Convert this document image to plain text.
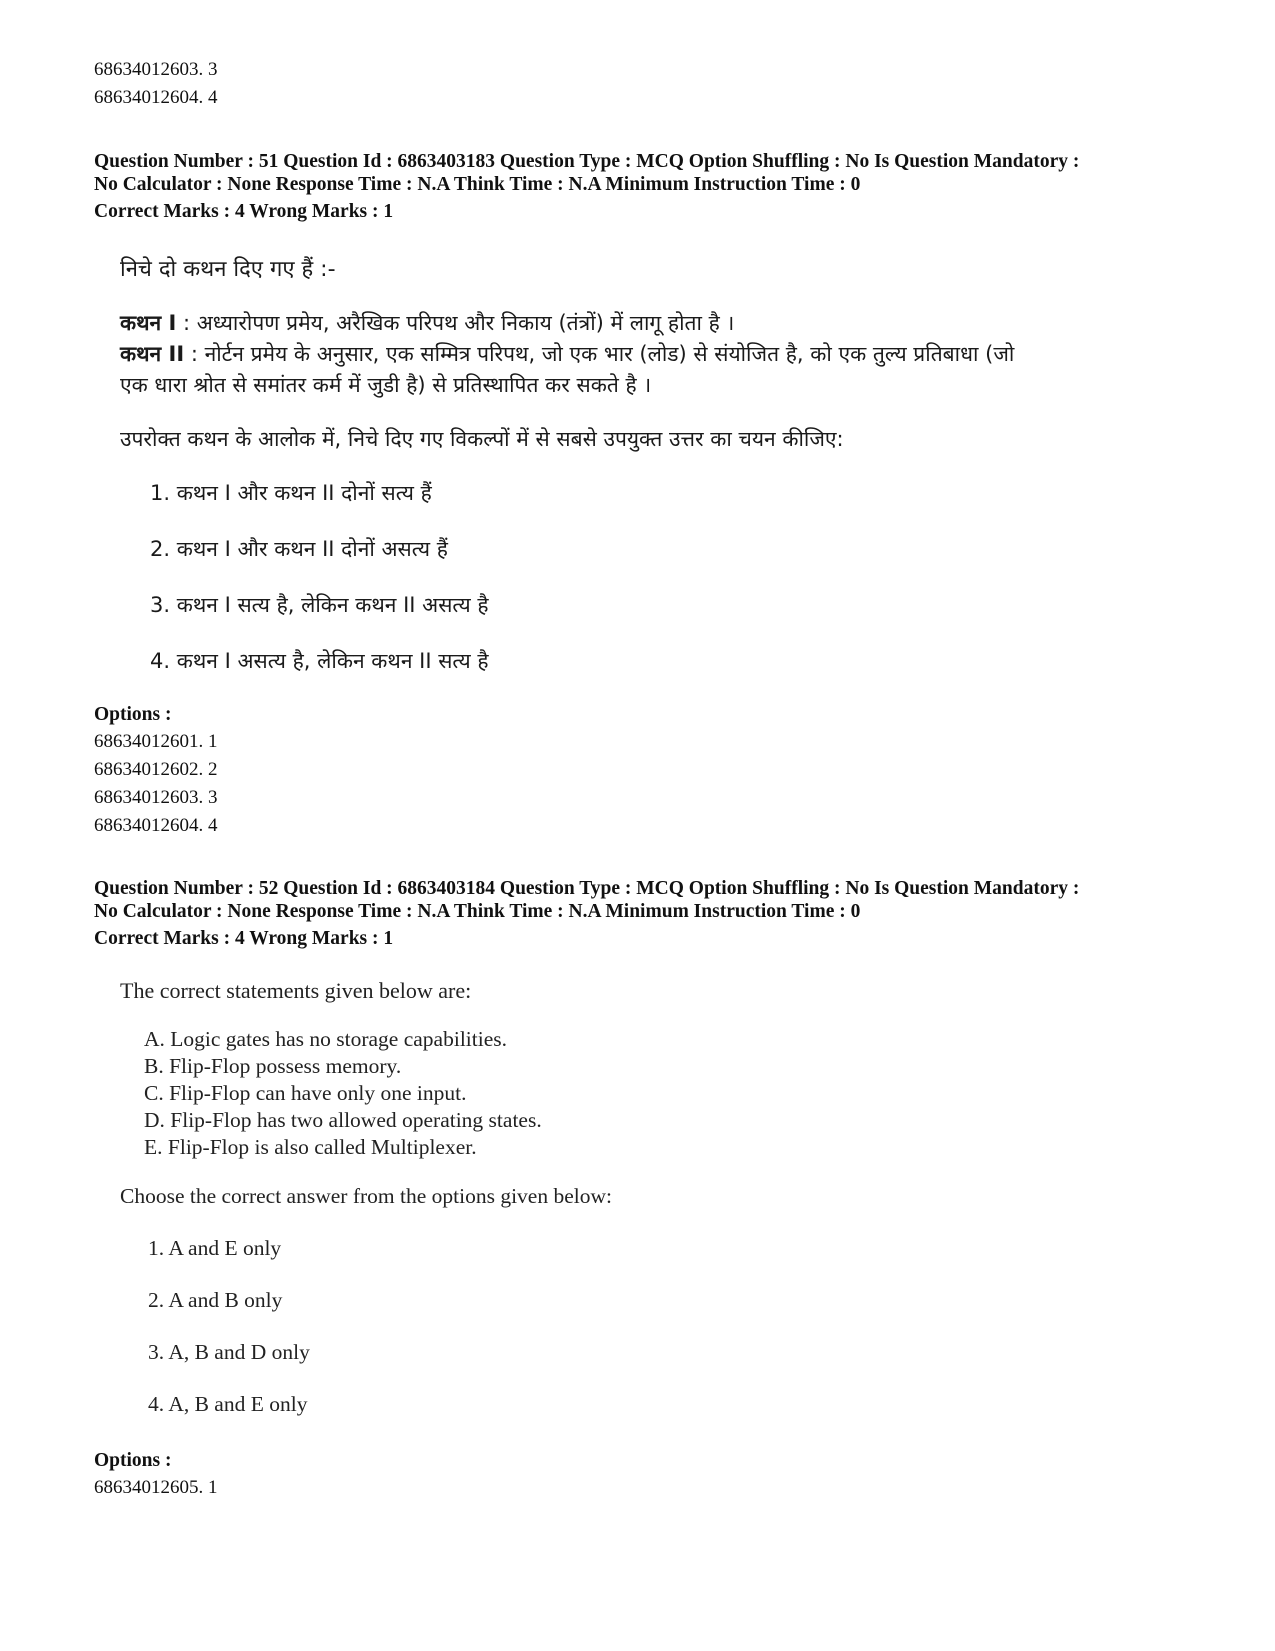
68634012603. 3
68634012604. 4
Question Number : 51 Question Id : 6863403183 Question Type : MCQ Option Shuffling : No Is Question Mandatory :
No Calculator : None Response Time : N.A Think Time : N.A Minimum Instruction Time : 0
Correct Marks : 4 Wrong Marks : 1
निचे दो कथन दिए गए हैं :-
कथन I : अध्यारोपण प्रमेय, अरैखिक परिपथ और निकाय (तंत्रों) में लागू होता है ।
कथन II : नोर्टन प्रमेय के अनुसार, एक सम्मित्र परिपथ, जो एक भार (लोड) से संयोजित है, को एक तुल्य प्रतिबाधा (जो
एक धारा श्रोत से समांतर कर्म में जुडी है) से प्रतिस्थापित कर सकते है ।
उपरोक्त कथन के आलोक में, निचे दिए गए विकल्पों में से सबसे उपयुक्त उत्तर का चयन कीजिए:
1. कथन I और कथन II दोनों सत्य हैं
2. कथन I और कथन II दोनों असत्य हैं
3. कथन I सत्य है, लेकिन कथन II असत्य है
4. कथन I असत्य है, लेकिन कथन II सत्य है
Options :
68634012601. 1
68634012602. 2
68634012603. 3
68634012604. 4
Question Number : 52 Question Id : 6863403184 Question Type : MCQ Option Shuffling : No Is Question Mandatory :
No Calculator : None Response Time : N.A Think Time : N.A Minimum Instruction Time : 0
Correct Marks : 4 Wrong Marks : 1
The correct statements given below are:
A. Logic gates has no storage capabilities.
B. Flip-Flop possess memory.
C. Flip-Flop can have only one input.
D. Flip-Flop has two allowed operating states.
E. Flip-Flop is also called Multiplexer.
Choose the correct answer from the options given below:
1. A and E only
2. A and B only
3. A, B and D only
4. A, B and E only
Options :
68634012605. 1
